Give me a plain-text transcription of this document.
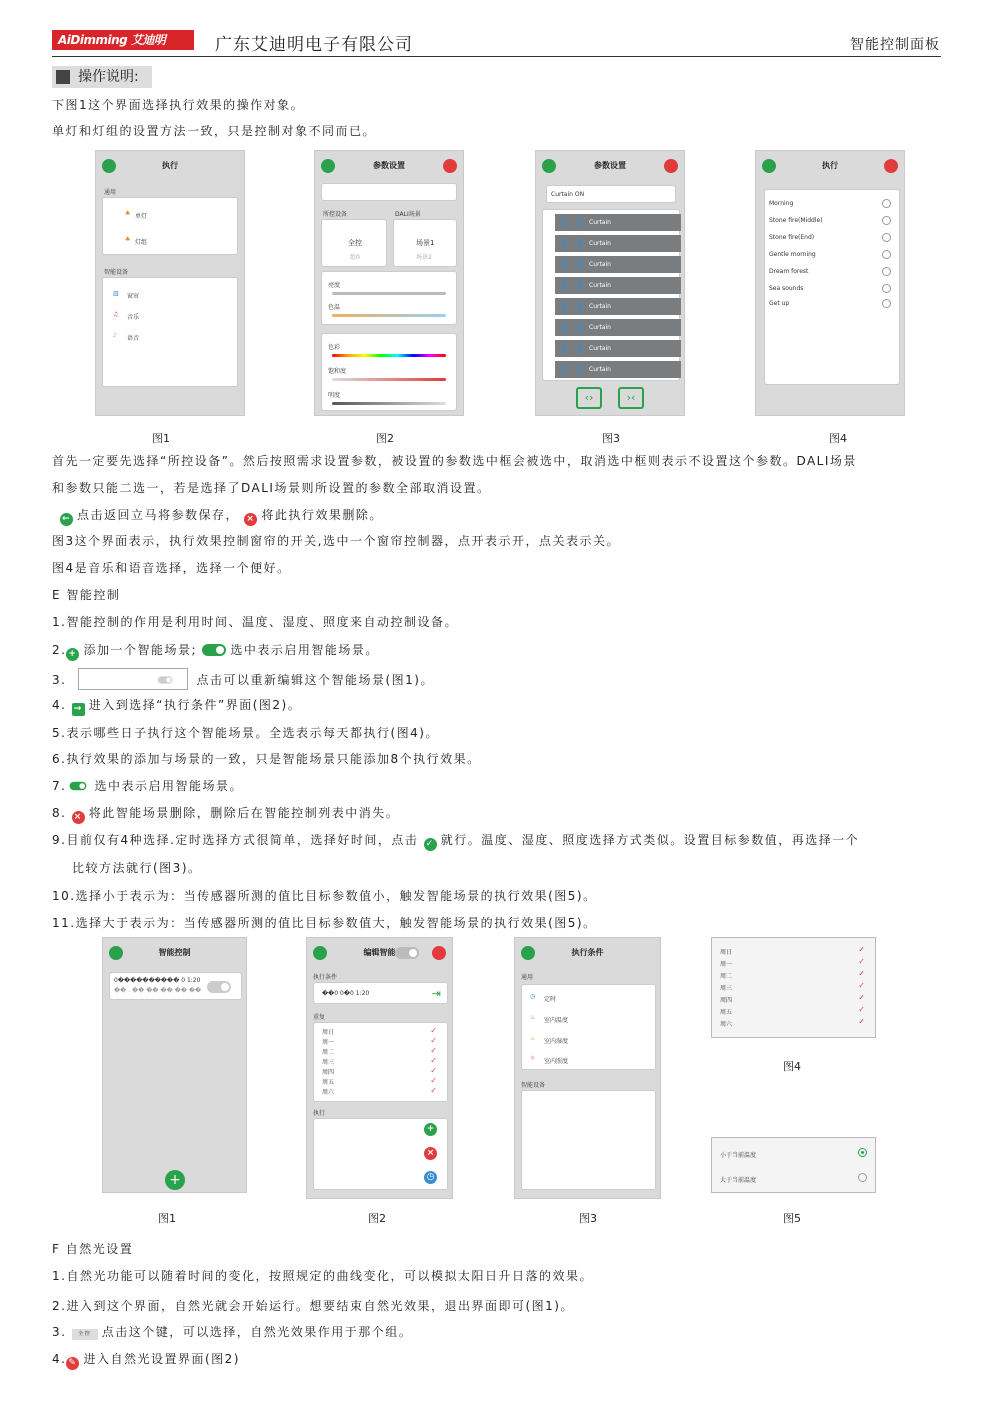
AiDimming 艾迪明	广东艾迪明电子有限公司	智能控制面板
操作说明:
下图1这个界面选择执行效果的操作对象。
单灯和灯组的设置方法一致，只是控制对象不同而已。
执行
通用
♣ 单灯
♣ 灯组
智能设备
▥ 窗帘
♫ 音乐
♪ 语音
参数设置
所控设备	DALI场景
全控
组0
场景1
场景2
亮度
色温
色彩
饱和度
明度
参数设置
Curtain ON
Curtain
Curtain
Curtain
Curtain
Curtain
Curtain
Curtain
Curtain
‹›	›‹
执行
Morning
Stone fire(Middle)
Stone fire(End)
Gentle morning
Dream forest
Sea sounds
Get up
图1	图2	图3	图4
首先一定要先选择“所控设备”。然后按照需求设置参数，被设置的参数选中框会被选中，取消选中框则表示不设置这个参数。DALI场景
和参数只能二选一，若是选择了DALI场景则所设置的参数全部取消设置。
← 点击返回立马将参数保存， × 将此执行效果删除。
图3这个界面表示，执行效果控制窗帘的开关,选中一个窗帘控制器，点开表示开，点关表示关。
图4是音乐和语音选择，选择一个便好。
E 智能控制
1.智能控制的作用是利用时间、温度、湿度、照度来自动控制设备。
2. + 添加一个智能场景;	选中表示启用智能场景。
3.	点击可以重新编辑这个智能场景(图1)。
4. → 进入到选择“执行条件”界面(图2)。
5.表示哪些日子执行这个智能场景。全选表示每天都执行(图4)。
6.执行效果的添加与场景的一致，只是智能场景只能添加8个执行效果。
7. 选中表示启用智能场景。
8. × 将此智能场景删除，删除后在智能控制列表中消失。
9.目前仅有4种选择.定时选择方式很简单，选择好时间，点击 ✓ 就行。温度、湿度、照度选择方式类似。设置目标参数值，再选择一个
比较方法就行(图3)。
10.选择小于表示为：当传感器所测的值比目标参数值小，触发智能场景的执行效果(图5)。
11.选择大于表示为：当传感器所测的值比目标参数值大，触发智能场景的执行效果(图5)。
智能控制
0���������� 0 1:20
�� . �� �� �� �� ��
+
编辑智能
执行条件
��0 0�0 1:20	⇥
重复
周日	✓
周一	✓
周二	✓
周三	✓
周四	✓
周五	✓
周六	✓
执行
+
×
◷
执行条件
通用
◷ 定时
♨ 室内温度
♨ 室内湿度
☼ 室内照度
智能设备
周日	✓
周一	✓
周二	✓
周三	✓
周四	✓
周五	✓
周六	✓
图4
小于当前温度
大于当前温度
图1	图2	图3	图5
F 自然光设置
1.自然光功能可以随着时间的变化，按照规定的曲线变化，可以模拟太阳日升日落的效果。
2.进入到这个界面，自然光就会开始运行。想要结束自然光效果，退出界面即可(图1)。
3. 全控 点击这个键，可以选择，自然光效果作用于那个组。
4. ✎ 进入自然光设置界面(图2)
